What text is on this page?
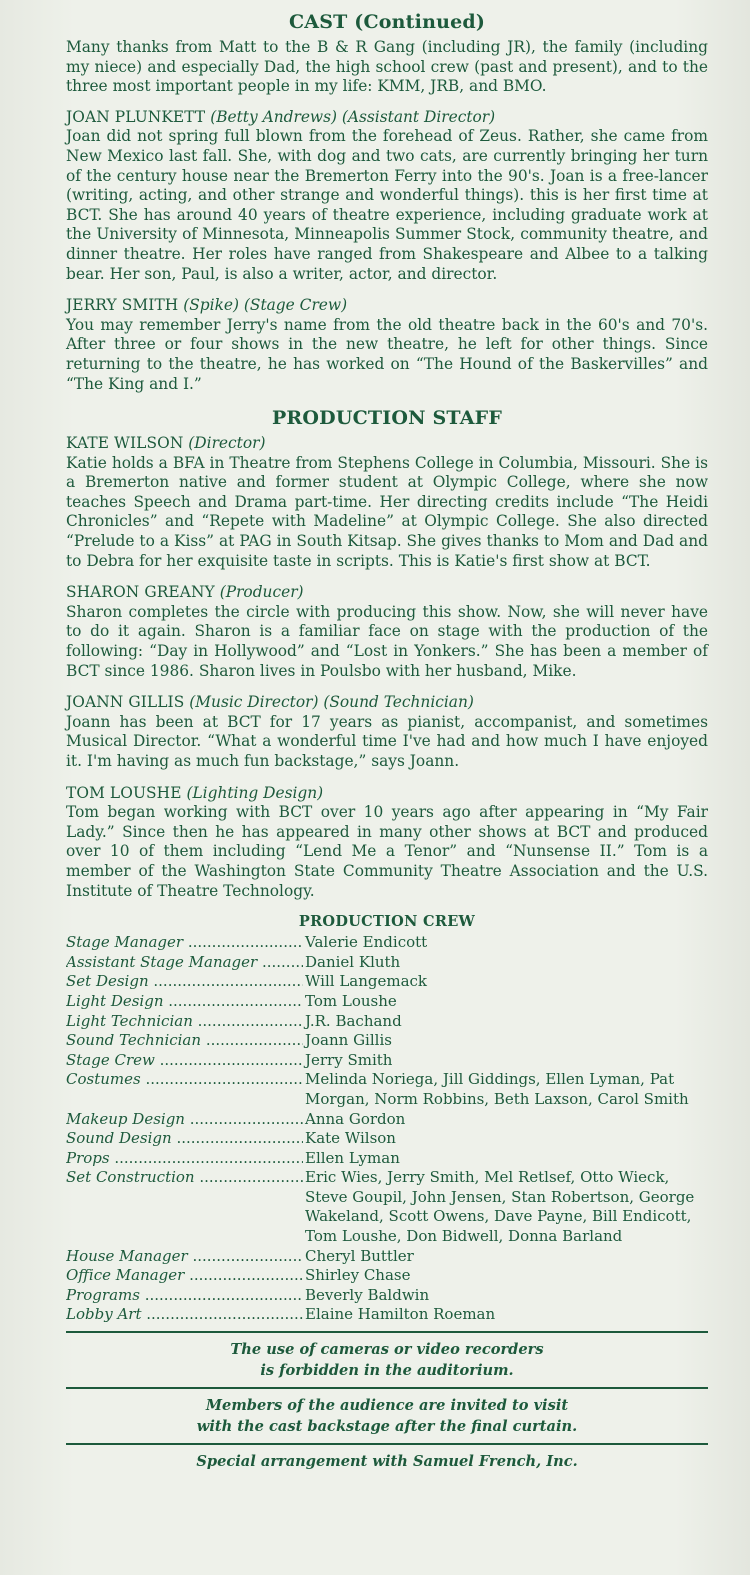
CAST (Continued)

Many thanks from Matt to the B & R Gang (including JR), the family (including my niece) and especially Dad, the high school crew (past and present), and to the three most important people in my life: KMM, JRB, and BMO.

JOAN PLUNKETT (Betty Andrews) (Assistant Director)
Joan did not spring full blown from the forehead of Zeus. Rather, she came from New Mexico last fall. She, with dog and two cats, are currently bringing her turn of the century house near the Bremerton Ferry into the 90's. Joan is a free-lancer (writing, acting, and other strange and wonderful things). this is her first time at BCT. She has around 40 years of theatre experience, including graduate work at the University of Minnesota, Minneapolis Summer Stock, community theatre, and dinner theatre. Her roles have ranged from Shakespeare and Albee to a talking bear. Her son, Paul, is also a writer, actor, and director.
JERRY SMITH (Spike) (Stage Crew)
You may remember Jerry's name from the old theatre back in the 60's and 70's. After three or four shows in the new theatre, he left for other things. Since returning to the theatre, he has worked on “The Hound of the Baskervilles” and “The King and I.”
PRODUCTION STAFF
KATE WILSON (Director)
Katie holds a BFA in Theatre from Stephens College in Columbia, Missouri. She is a Bremerton native and former student at Olympic College, where she now teaches Speech and Drama part-time. Her directing credits include “The Heidi Chronicles” and “Repete with Madeline” at Olympic College. She also directed “Prelude to a Kiss” at PAG in South Kitsap. She gives thanks to Mom and Dad and to Debra for her exquisite taste in scripts. This is Katie's first show at BCT.
SHARON GREANY (Producer)
Sharon completes the circle with producing this show. Now, she will never have to do it again. Sharon is a familiar face on stage with the production of the following: “Day in Hollywood” and “Lost in Yonkers.” She has been a member of BCT since 1986. Sharon lives in Poulsbo with her husband, Mike.
JOANN GILLIS (Music Director) (Sound Technician)
Joann has been at BCT for 17 years as pianist, accompanist, and sometimes Musical Director. “What a wonderful time I've had and how much I have enjoyed it. I'm having as much fun backstage,” says Joann.
TOM LOUSHE (Lighting Design)
Tom began working with BCT over 10 years ago after appearing in “My Fair Lady.” Since then he has appeared in many other shows at BCT and produced over 10 of them including “Lend Me a Tenor” and “Nunsense II.” Tom is a member of the Washington State Community Theatre Association and the U.S. Institute of Theatre Technology.
PRODUCTION CREW
Stage Manager .....	Valerie Endicott
Assistant Stage Manager .....	Daniel Kluth
Set Design .....	Will Langemack
Light Design .....	Tom Loushe
Light Technician .....	J.R. Bachand
Sound Technician .....	Joann Gillis
Stage Crew .....	Jerry Smith
Costumes .....	Melinda Noriega, Jill Giddings, Ellen Lyman, Pat Morgan, Norm Robbins, Beth Laxson, Carol Smith
Makeup Design .....	Anna Gordon
Sound Design .....	Kate Wilson
Props .....	Ellen Lyman
Set Construction .....	Eric Wies, Jerry Smith, Mel Retlsef, Otto Wieck, Steve Goupil, John Jensen, Stan Robertson, George Wakeland, Scott Owens, Dave Payne, Bill Endicott, Tom Loushe, Don Bidwell, Donna Barland
House Manager .....	Cheryl Buttler
Office Manager .....	Shirley Chase
Programs .....	Beverly Baldwin
Lobby Art .....	Elaine Hamilton Roeman
The use of cameras or video recorders
is forbidden in the auditorium.
Members of the audience are invited to visit
with the cast backstage after the final curtain.
Special arrangement with Samuel French, Inc.
